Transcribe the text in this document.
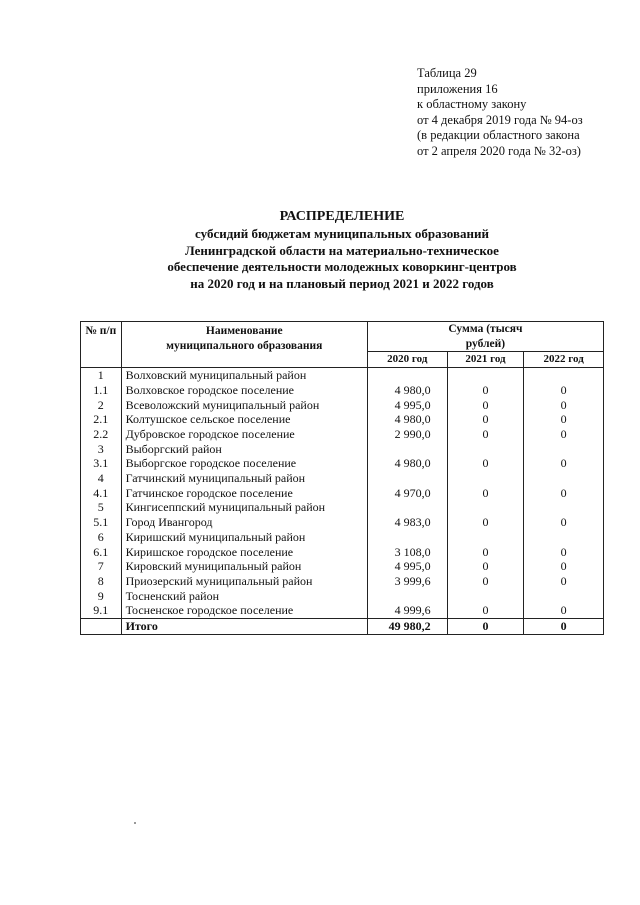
Таблица 29
приложения 16
к областному закону
от 4 декабря 2019 года № 94-оз
(в редакции областного закона
от 2 апреля 2020 года № 32-оз)
РАСПРЕДЕЛЕНИЕ
субсидий бюджетам муниципальных образований
Ленинградской области на материально-техническое
обеспечение деятельности молодежных коворкинг-центров
на 2020 год и на плановый период 2021 и 2022 годов
№ п/п	Наименование муниципального образования	Сумма (тысяч рублей)		
		2020 год	2021 год	2022 год
1	Волховский муниципальный район			
1.1	Волховское городское поселение	4 980,0	0	0
2	Всеволожский муниципальный район	4 995,0	0	0
2.1	Колтушское сельское поселение	4 980,0	0	0
2.2	Дубровское городское поселение	2 990,0	0	0
3	Выборгский район			
3.1	Выборгское городское поселение	4 980,0	0	0
4	Гатчинский муниципальный район			
4.1	Гатчинское городское поселение	4 970,0	0	0
5	Кингисеппский муниципальный район			
5.1	Город Ивангород	4 983,0	0	0
6	Киришский муниципальный район			
6.1	Киришское городское поселение	3 108,0	0	0
7	Кировский муниципальный район	4 995,0	0	0
8	Приозерский муниципальный район	3 999,6	0	0
9	Тосненский район			
9.1	Тосненское городское поселение	4 999,6	0	0
	Итого	49 980,2	0	0
